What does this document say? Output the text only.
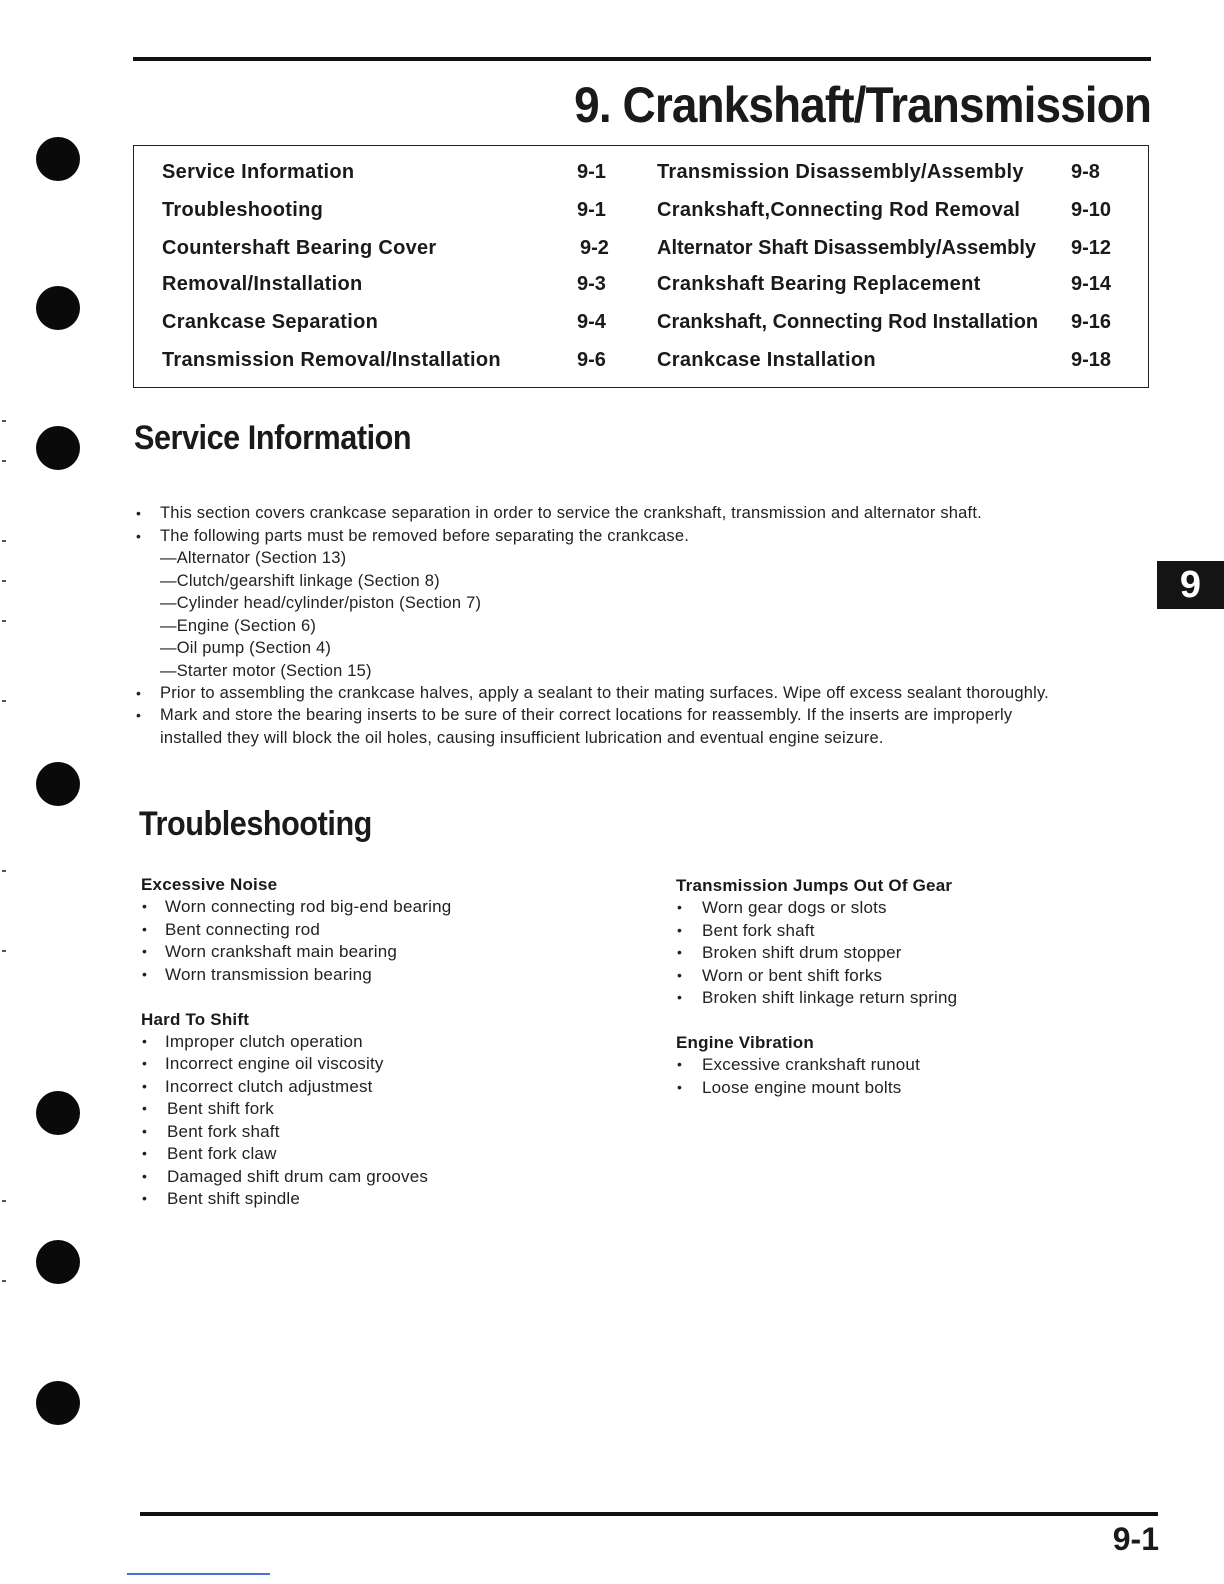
9. Crankshaft/Transmission
Service Information	9-1
Troubleshooting	9-1
Countershaft Bearing Cover	9-2
Removal/Installation	9-3
Crankcase Separation	9-4
Transmission Removal/Installation	9-6
Transmission Disassembly/Assembly 9-8
Crankshaft,Connecting Rod Removal	9-10
Alternator Shaft Disassembly/Assembly 9-12
Crankshaft Bearing Replacement	9-14
Crankshaft, Connecting Rod Installation 9-16
Crankcase Installation	9-18
Service Information
• This section covers crankcase separation in order to service the crankshaft, transmission and alternator shaft.
• The following parts must be removed before separating the crankcase.
—Alternator (Section 13)
—Clutch/gearshift linkage (Section 8)
—Cylinder head/cylinder/piston (Section 7)
—Engine (Section 6)
—Oil pump (Section 4)
—Starter motor (Section 15)
• Prior to assembling the crankcase halves, apply a sealant to their mating surfaces. Wipe off excess sealant thoroughly.
• Mark and store the bearing inserts to be sure of their correct locations for reassembly. If the inserts are improperly
installed they will block the oil holes, causing insufficient lubrication and eventual engine seizure.
9
Troubleshooting
Excessive Noise
• Worn connecting rod big-end bearing
• Bent connecting rod
• Worn crankshaft main bearing
• Worn transmission bearing
Hard To Shift
• Improper clutch operation
• Incorrect engine oil viscosity
• Incorrect clutch adjustmest
• Bent shift fork
• Bent fork shaft
• Bent fork claw
• Damaged shift drum cam grooves
• Bent shift spindle
Transmission Jumps Out Of Gear
• Worn gear dogs or slots
• Bent fork shaft
• Broken shift drum stopper
• Worn or bent shift forks
• Broken shift linkage return spring
Engine Vibration
• Excessive crankshaft runout
• Loose engine mount bolts
9-1
